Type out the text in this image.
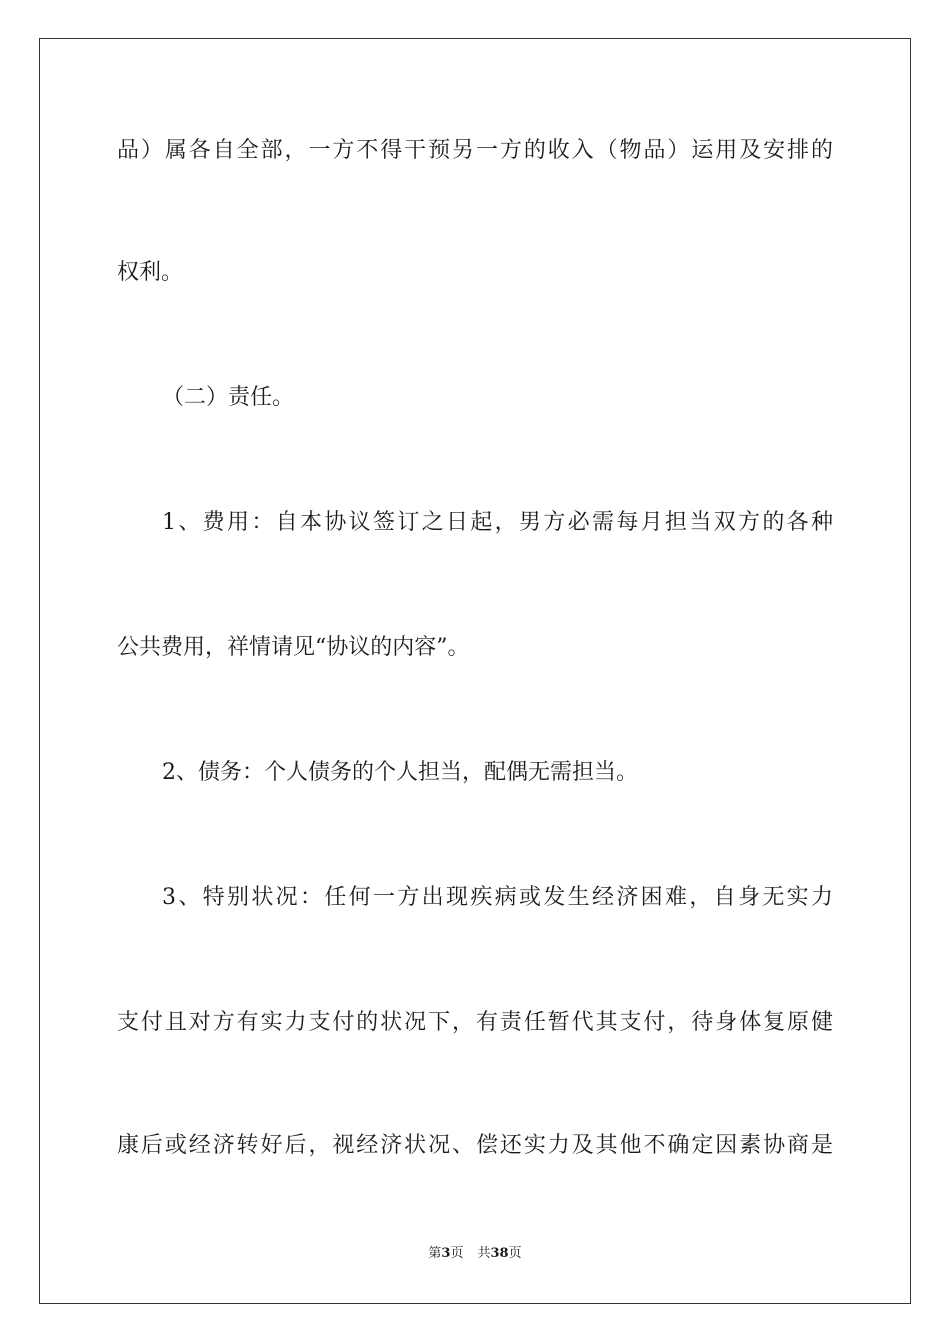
品）属各自全部，一方不得干预另一方的收入（物品）运用及安排的
权利。
（二）责任。
1、费用：自本协议签订之日起，男方必需每月担当双方的各种
公共费用，祥情请见“协议的内容”。
2、债务：个人债务的个人担当，配偶无需担当。
3、特别状况：任何一方出现疾病或发生经济困难，自身无实力
支付且对方有实力支付的状况下，有责任暂代其支付，待身体复原健
康后或经济转好后，视经济状况、偿还实力及其他不确定因素协商是
第3页 共38页
